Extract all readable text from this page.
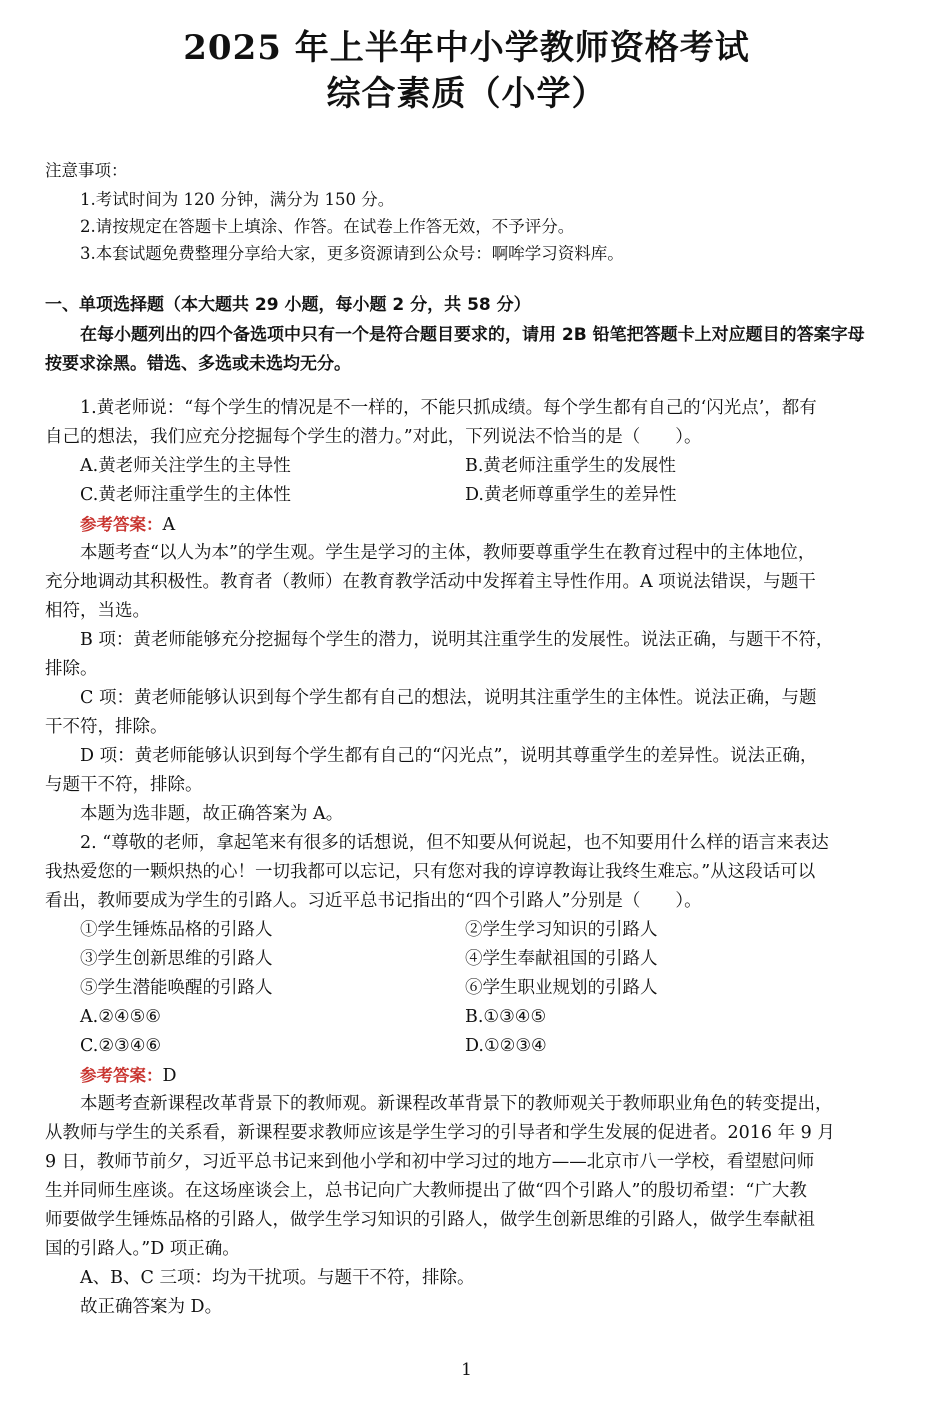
2025 年上半年中小学教师资格考试
综合素质（小学）
注意事项：
1.考试时间为 120 分钟，满分为 150 分。
2.请按规定在答题卡上填涂、作答。在试卷上作答无效，不予评分。
3.本套试题免费整理分享给大家，更多资源请到公众号：啊哞学习资料库。
一、单项选择题（本大题共 29 小题，每小题 2 分，共 58 分）
在每小题列出的四个备选项中只有一个是符合题目要求的，请用 2B 铅笔把答题卡上对应题目的答案字母
按要求涂黑。错选、多选或未选均无分。
1.黄老师说：“每个学生的情况是不一样的，不能只抓成绩。每个学生都有自己的‘闪光点’，都有
自己的想法，我们应充分挖掘每个学生的潜力。”对此，下列说法不恰当的是（　　）。
A.黄老师关注学生的主导性	B.黄老师注重学生的发展性
C.黄老师注重学生的主体性	D.黄老师尊重学生的差异性
参考答案：A
本题考查“以人为本”的学生观。学生是学习的主体，教师要尊重学生在教育过程中的主体地位，
充分地调动其积极性。教育者（教师）在教育教学活动中发挥着主导性作用。A 项说法错误，与题干
相符，当选。
B 项：黄老师能够充分挖掘每个学生的潜力，说明其注重学生的发展性。说法正确，与题干不符，
排除。
C 项：黄老师能够认识到每个学生都有自己的想法，说明其注重学生的主体性。说法正确，与题
干不符，排除。
D 项：黄老师能够认识到每个学生都有自己的“闪光点”，说明其尊重学生的差异性。说法正确，
与题干不符，排除。
本题为选非题，故正确答案为 A。
2. “尊敬的老师，拿起笔来有很多的话想说，但不知要从何说起，也不知要用什么样的语言来表达
我热爱您的一颗炽热的心！一切我都可以忘记，只有您对我的谆谆教诲让我终生难忘。”从这段话可以
看出，教师要成为学生的引路人。习近平总书记指出的“四个引路人”分别是（　　）。
①学生锤炼品格的引路人	②学生学习知识的引路人
③学生创新思维的引路人	④学生奉献祖国的引路人
⑤学生潜能唤醒的引路人	⑥学生职业规划的引路人
A.②④⑤⑥	B.①③④⑤
C.②③④⑥	D.①②③④
参考答案：D
本题考查新课程改革背景下的教师观。新课程改革背景下的教师观关于教师职业角色的转变提出，
从教师与学生的关系看，新课程要求教师应该是学生学习的引导者和学生发展的促进者。2016 年 9 月
9 日，教师节前夕，习近平总书记来到他小学和初中学习过的地方——北京市八一学校，看望慰问师
生并同师生座谈。在这场座谈会上，总书记向广大教师提出了做“四个引路人”的殷切希望：“广大教
师要做学生锤炼品格的引路人，做学生学习知识的引路人，做学生创新思维的引路人，做学生奉献祖
国的引路人。”D 项正确。
A、B、C 三项：均为干扰项。与题干不符，排除。
故正确答案为 D。
1
